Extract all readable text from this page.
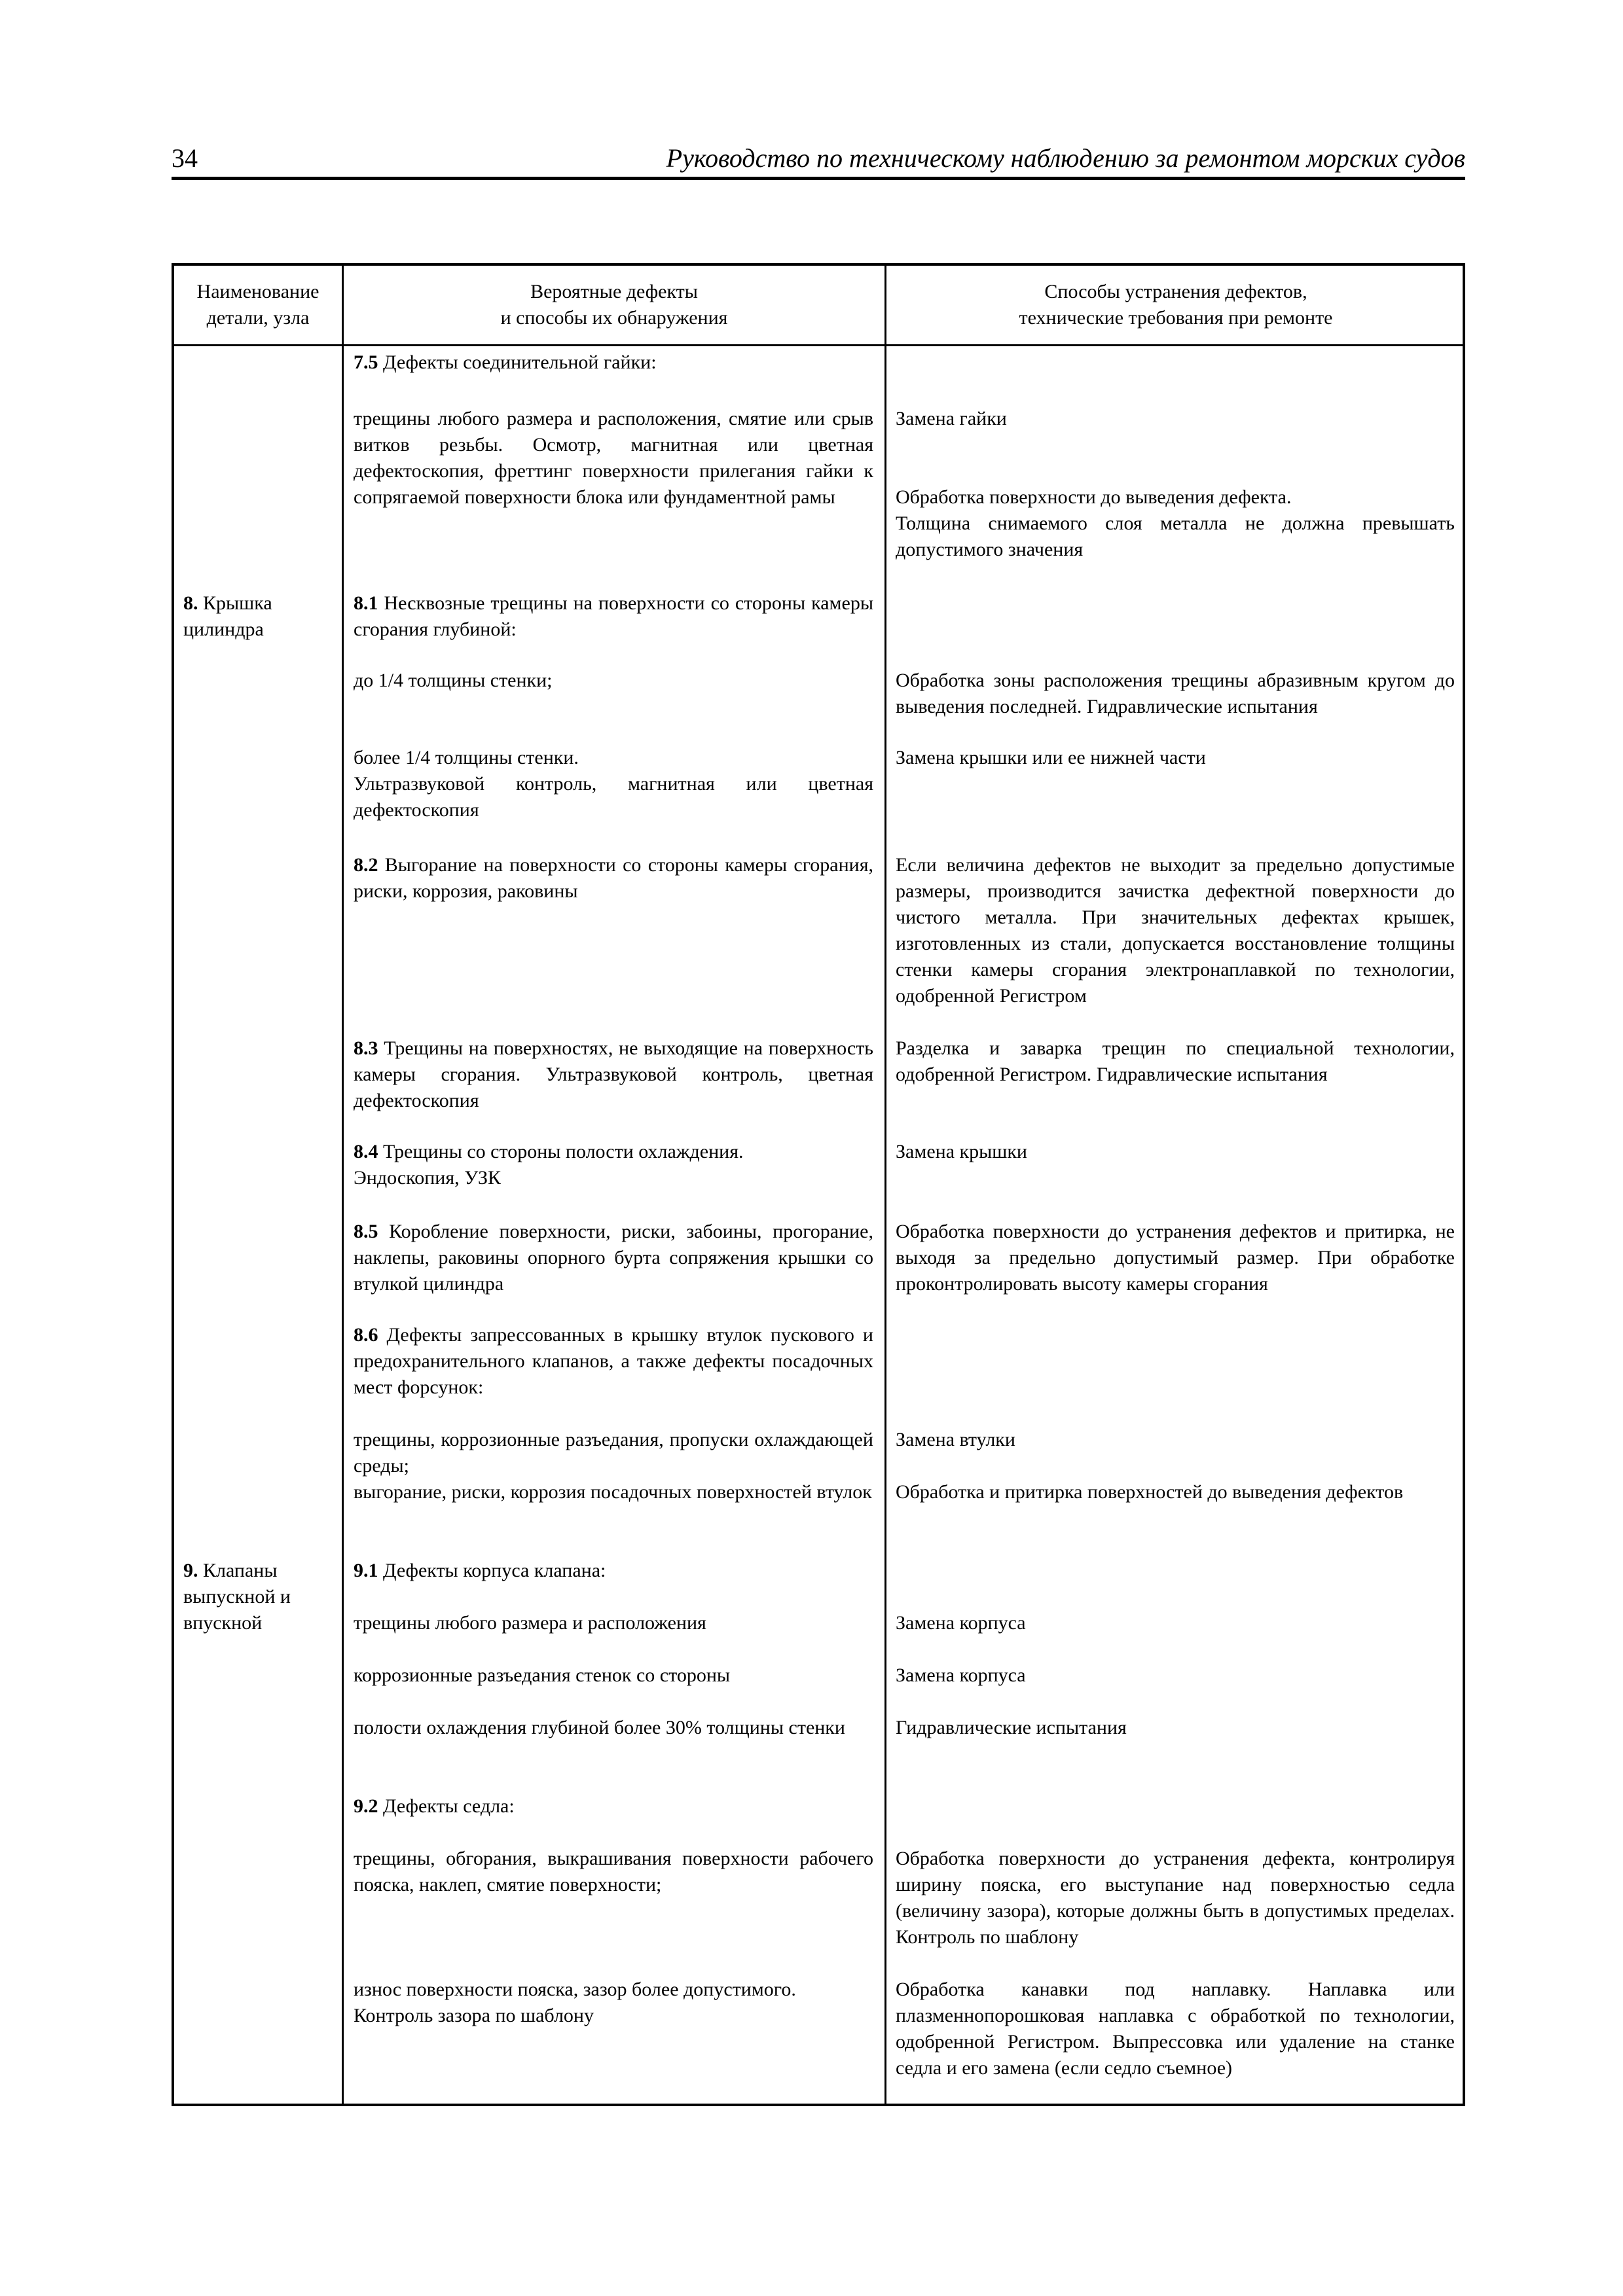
34	Руководство по техническому наблюдению за ремонтом морских судов
Наименование
детали, узла
Вероятные дефекты
и способы их обнаружения
Способы устранения дефектов,
технические требования при ремонте
8. Крышка цилиндра
9. Клапаны выпускной и впускной
7.5 Дефекты соединительной гайки:
трещины любого размера и расположения, смятие или срыв витков резьбы. Осмотр, магнитная или цветная дефектоскопия, фреттинг поверхности прилегания гайки к сопрягаемой поверхности блока или фундаментной рамы
8.1 Несквозные трещины на поверхности со стороны камеры сгорания глубиной:
до 1/4 толщины стенки;
более 1/4 толщины стенки.
Ультразвуковой контроль, магнитная или цветная дефектоскопия
8.2 Выгорание на поверхности со стороны камеры сгорания, риски, коррозия, раковины
8.3 Трещины на поверхностях, не выходящие на поверхность камеры сгорания. Ультразвуковой контроль, цветная дефектоскопия
8.4 Трещины со стороны полости охлаждения.
Эндоскопия, УЗК
8.5 Коробление поверхности, риски, забоины, прогорание, наклепы, раковины опорного бурта сопряжения крышки со втулкой цилиндра
8.6 Дефекты запрессованных в крышку втулок пускового и предохранительного клапанов, а также дефекты посадочных мест форсунок:
трещины, коррозионные разъедания, пропуски охлаждающей среды;
выгорание, риски, коррозия посадочных поверхностей втулок
9.1 Дефекты корпуса клапана:
трещины любого размера и расположения
коррозионные разъедания стенок со стороны
полости охлаждения глубиной более 30% толщины стенки
9.2 Дефекты седла:
трещины, обгорания, выкрашивания поверхности рабочего пояска, наклеп, смятие поверхности;
износ поверхности пояска, зазор более допустимого.
Контроль зазора по шаблону
Замена гайки
Обработка поверхности до выведения дефекта.
Толщина снимаемого слоя металла не должна превышать допустимого значения
Обработка зоны расположения трещины абразивным кругом до выведения последней. Гидравлические испытания
Замена крышки или ее нижней части
Если величина дефектов не выходит за предельно допустимые размеры, производится зачистка дефектной поверхности до чистого металла. При значительных дефектах крышек, изготовленных из стали, допускается восстановление толщины стенки камеры сгорания электронаплавкой по технологии, одобренной Регистром
Разделка и заварка трещин по специальной технологии, одобренной Регистром. Гидравлические испытания
Замена крышки
Обработка поверхности до устранения дефектов и притирка, не выходя за предельно допустимый размер. При обработке проконтролировать высоту камеры сгорания
Замена втулки
Обработка и притирка поверхностей до выведения дефектов
Замена корпуса
Замена корпуса
Гидравлические испытания
Обработка поверхности до устранения дефекта, контролируя ширину пояска, его выступание над поверхностью седла (величину зазора), которые должны быть в допустимых пределах. Контроль по шаблону
Обработка канавки под наплавку. Наплавка или плазменнопорошковая наплавка с обработкой по технологии, одобренной Регистром. Выпрессовка или удаление на станке седла и его замена (если седло съемное)
